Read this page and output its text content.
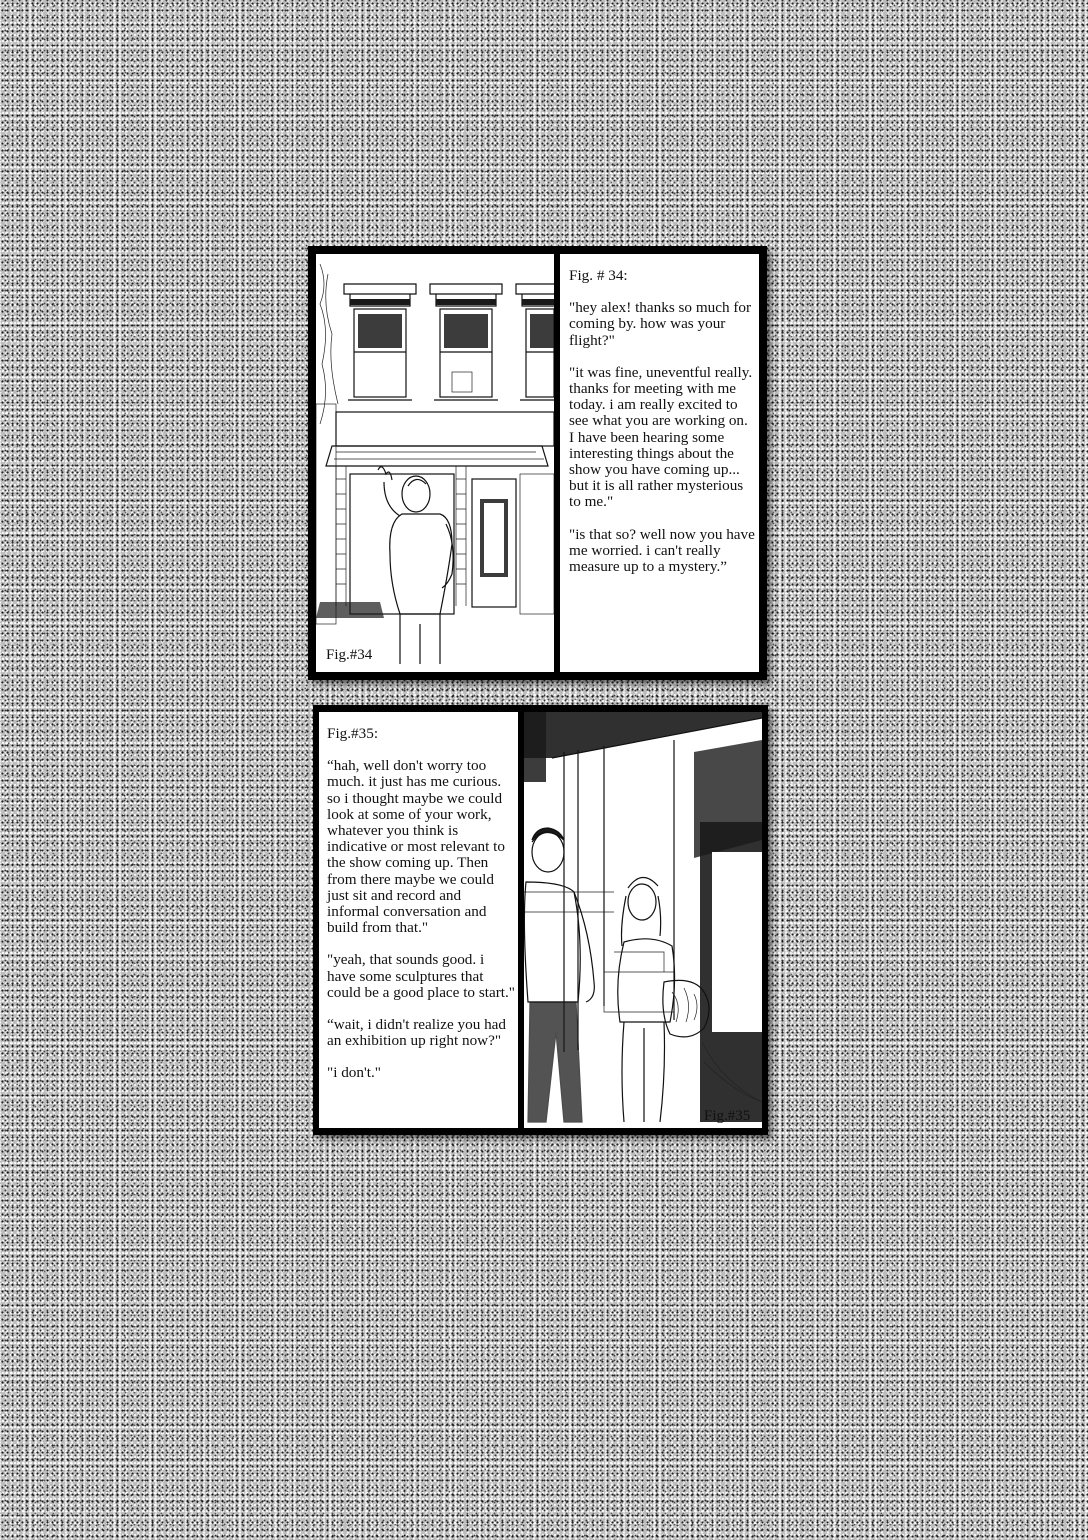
Fig.#34
Fig. # 34:

"hey alex! thanks so much for coming by. how was your flight?"

"it was fine, uneventful really. thanks for meeting with me today. i am really excited to see what you are working on. I have been hearing some interesting things about the show you have coming up... but it is all rather mysterious to me."

"is that so? well now you have me worried. i can't really measure up to a mystery.”

Fig.#35:

“hah, well don't worry too much. it just has me curious. so i thought maybe we could look at some of your work, whatever you think is indicative or most relevant to the show coming up. Then from there maybe we could just sit and record and informal conversation and build from that."

"yeah, that sounds good. i have some sculptures that could be a good place to start."

“wait, i didn't realize you had an exhibition up right now?"

"i don't."

Fig.#35
